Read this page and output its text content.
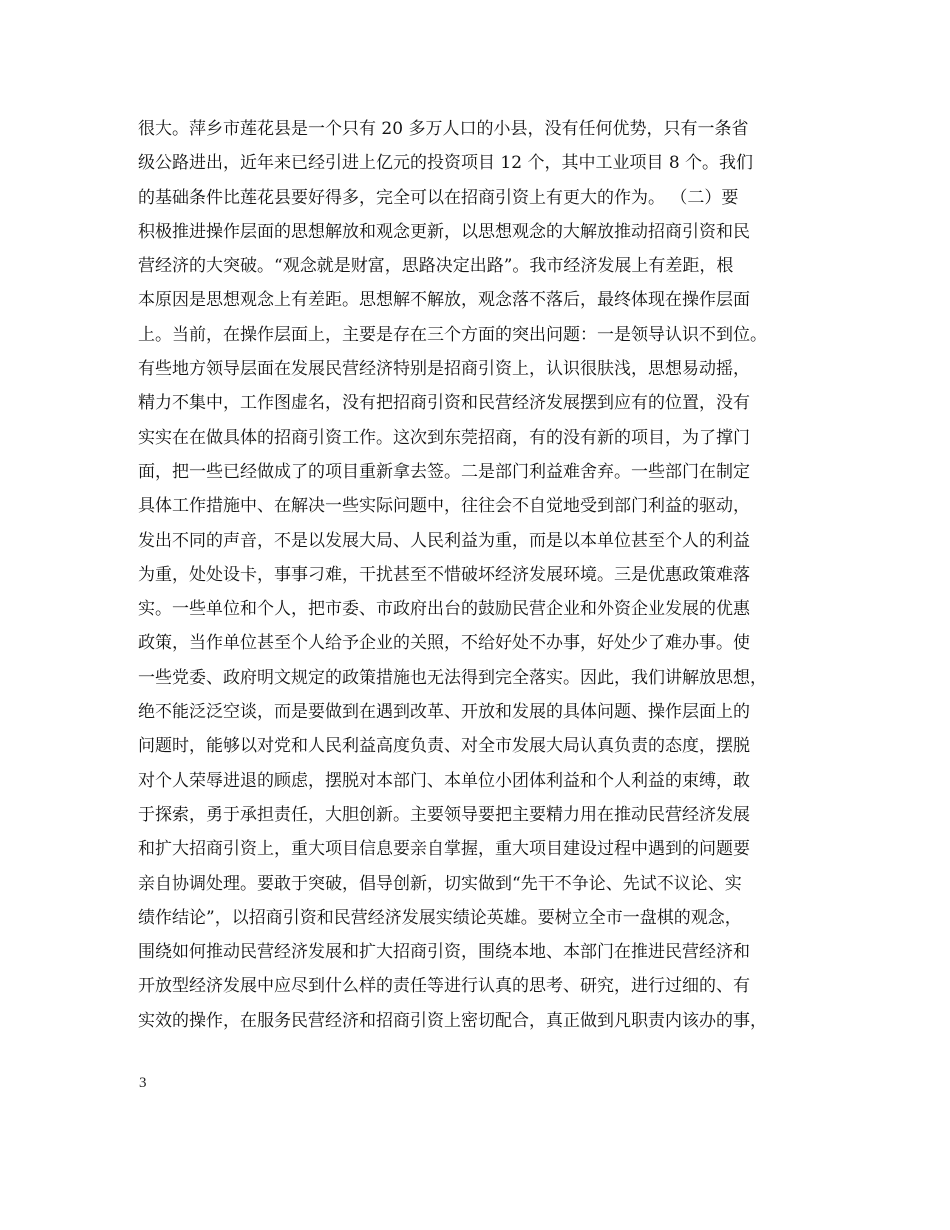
很大。萍乡市莲花县是一个只有 20 多万人口的小县，没有任何优势，只有一条省
级公路进出，近年来已经引进上亿元的投资项目 12 个，其中工业项目 8 个。我们
的基础条件比莲花县要好得多，完全可以在招商引资上有更大的作为。 （二）要
积极推进操作层面的思想解放和观念更新，以思想观念的大解放推动招商引资和民
营经济的大突破。“观念就是财富，思路决定出路”。我市经济发展上有差距，根
本原因是思想观念上有差距。思想解不解放，观念落不落后，最终体现在操作层面
上。当前，在操作层面上，主要是存在三个方面的突出问题：一是领导认识不到位。
有些地方领导层面在发展民营经济特别是招商引资上，认识很肤浅，思想易动摇，
精力不集中，工作图虚名，没有把招商引资和民营经济发展摆到应有的位置，没有
实实在在做具体的招商引资工作。这次到东莞招商，有的没有新的项目，为了撑门
面，把一些已经做成了的项目重新拿去签。二是部门利益难舍弃。一些部门在制定
具体工作措施中、在解决一些实际问题中，往往会不自觉地受到部门利益的驱动，
发出不同的声音，不是以发展大局、人民利益为重，而是以本单位甚至个人的利益
为重，处处设卡，事事刁难，干扰甚至不惜破坏经济发展环境。三是优惠政策难落
实。一些单位和个人，把市委、市政府出台的鼓励民营企业和外资企业发展的优惠
政策，当作单位甚至个人给予企业的关照，不给好处不办事，好处少了难办事。使
一些党委、政府明文规定的政策措施也无法得到完全落实。因此，我们讲解放思想，
绝不能泛泛空谈，而是要做到在遇到改革、开放和发展的具体问题、操作层面上的
问题时，能够以对党和人民利益高度负责、对全市发展大局认真负责的态度，摆脱
对个人荣辱进退的顾虑，摆脱对本部门、本单位小团体利益和个人利益的束缚，敢
于探索，勇于承担责任，大胆创新。主要领导要把主要精力用在推动民营经济发展
和扩大招商引资上，重大项目信息要亲自掌握，重大项目建设过程中遇到的问题要
亲自协调处理。要敢于突破，倡导创新，切实做到“先干不争论、先试不议论、实
绩作结论”，以招商引资和民营经济发展实绩论英雄。要树立全市一盘棋的观念，
围绕如何推动民营经济发展和扩大招商引资，围绕本地、本部门在推进民营经济和
开放型经济发展中应尽到什么样的责任等进行认真的思考、研究，进行过细的、有
实效的操作，在服务民营经济和招商引资上密切配合，真正做到凡职责内该办的事，
3
